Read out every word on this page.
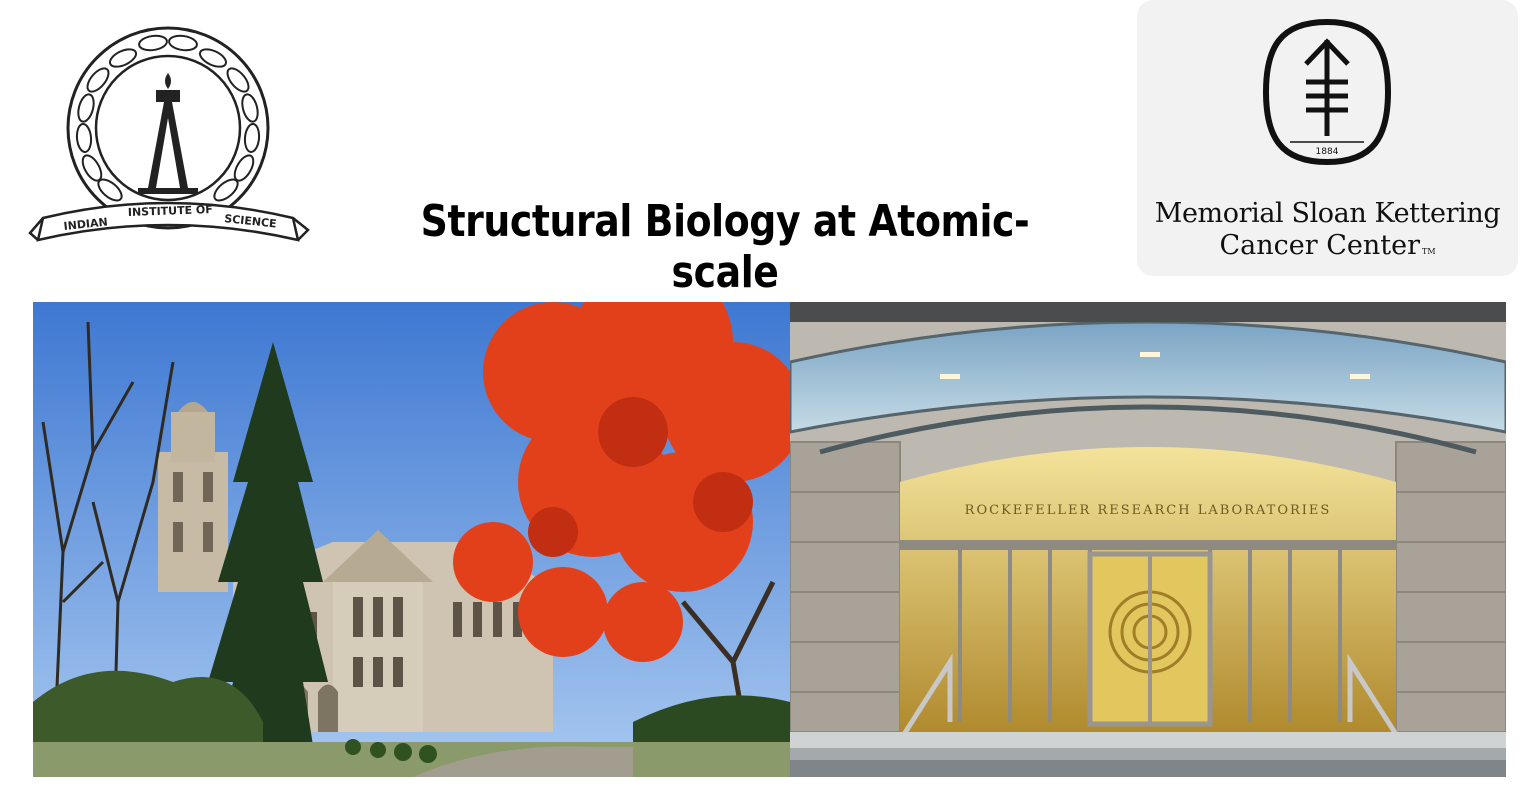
INDIAN
INSTITUTE OF
SCIENCE	Structural Biology at Atomic-scale
1884
Memorial Sloan Kettering
Cancer Center TM
ROCKEFELLER RESEARCH LABORATORIES
